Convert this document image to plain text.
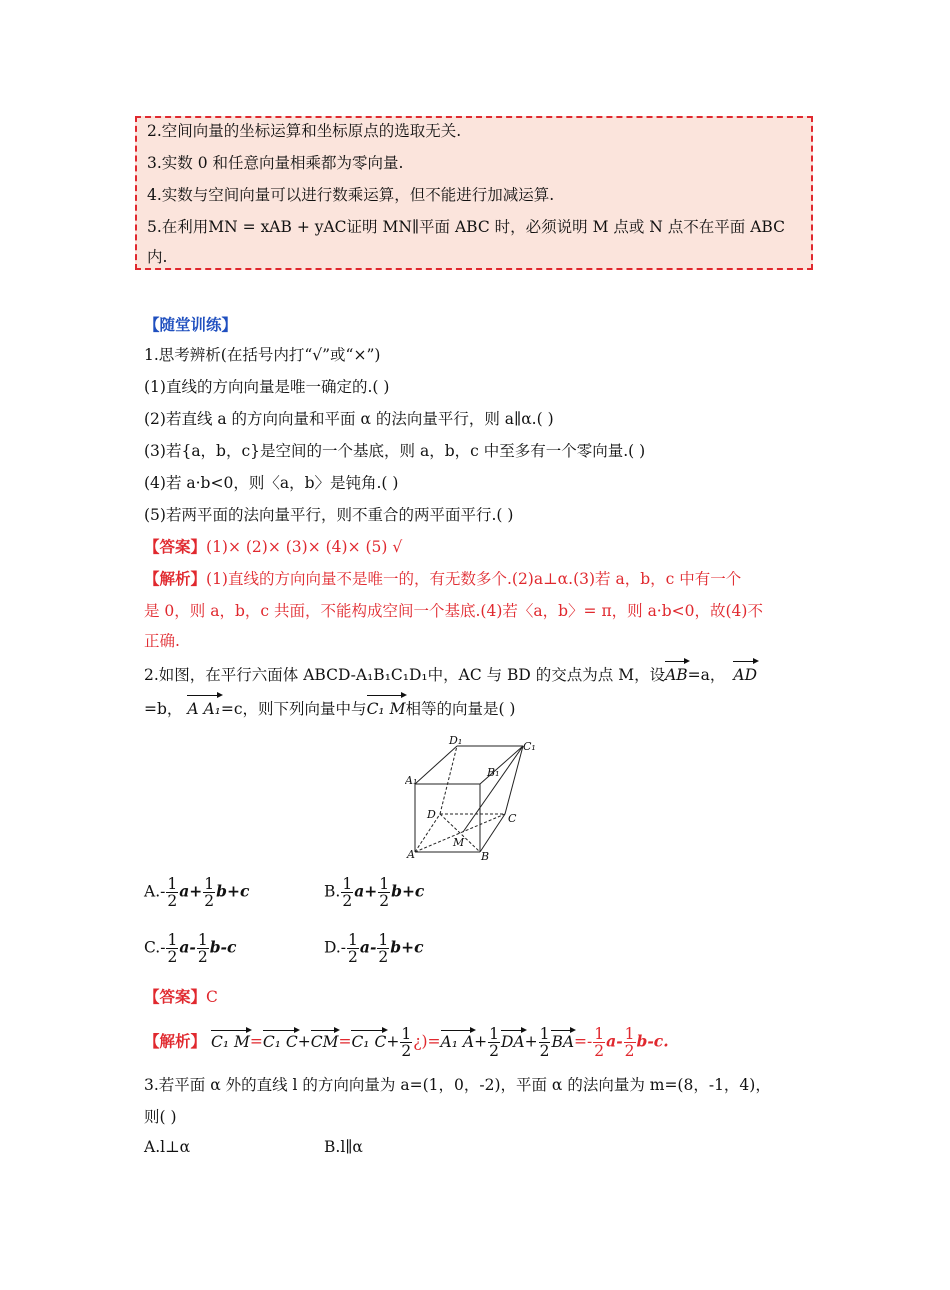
2.空间向量的坐标运算和坐标原点的选取无关.
3.实数 0 和任意向量相乘都为零向量.
4.实数与空间向量可以进行数乘运算，但不能进行加减运算.
5.在利用MN = xAB + yAC证明 MN∥平面 ABC 时，必须说明 M 点或 N 点不在平面 ABC
内.
【随堂训练】
1.思考辨析(在括号内打“√”或“×”)
(1)直线的方向向量是唯一确定的.( )
(2)若直线 a 的方向向量和平面 α 的法向量平行，则 a∥α.( )
(3)若{a，b，c}是空间的一个基底，则 a，b，c 中至多有一个零向量.( )
(4)若 a·b<0，则〈a，b〉是钝角.( )
(5)若两平面的法向量平行，则不重合的两平面平行.( )
【答案】(1)× (2)× (3)× (4)× (5) √
【解析】(1)直线的方向向量不是唯一的，有无数多个.(2)a⊥α.(3)若 a，b，c 中有一个
是 0，则 a，b，c 共面，不能构成空间一个基底.(4)若〈a，b〉= π，则 a·b<0，故(4)不
正确.
2.如图，在平行六面体 ABCD-A₁B₁C₁D₁中，AC 与 BD 的交点为点 M，设AB=a， AD
=b， A A₁=c，则下列向量中与C₁ M相等的向量是( )
D₁	C₁
A₁
B₁
D	C
M
A	B
$A.- \frac{1}{2} a+ \frac{1}{2} b+c$	B. $\frac{1}{2} a+ \frac{1}{2} b+c$
$C.- \frac{1}{2} a- \frac{1}{2} b-c$	$D.- \frac{1}{2} a- \frac{1}{2} b+c$
【答案】C
【解析】 C₁ M=C₁ C+CM=C₁ $C+ \frac{1}{2}$ ¿)=A₁ $A+ \frac{1}{2} DA+ \frac{1}{2} BA=- \frac{1}{2} a- \frac{1}{2} b-c$.
3.若平面 α 外的直线 l 的方向向量为 a=(1，0，-2)，平面 α 的法向量为 m=(8，-1，4)，
则( )
A.l⊥α	B.l∥α
